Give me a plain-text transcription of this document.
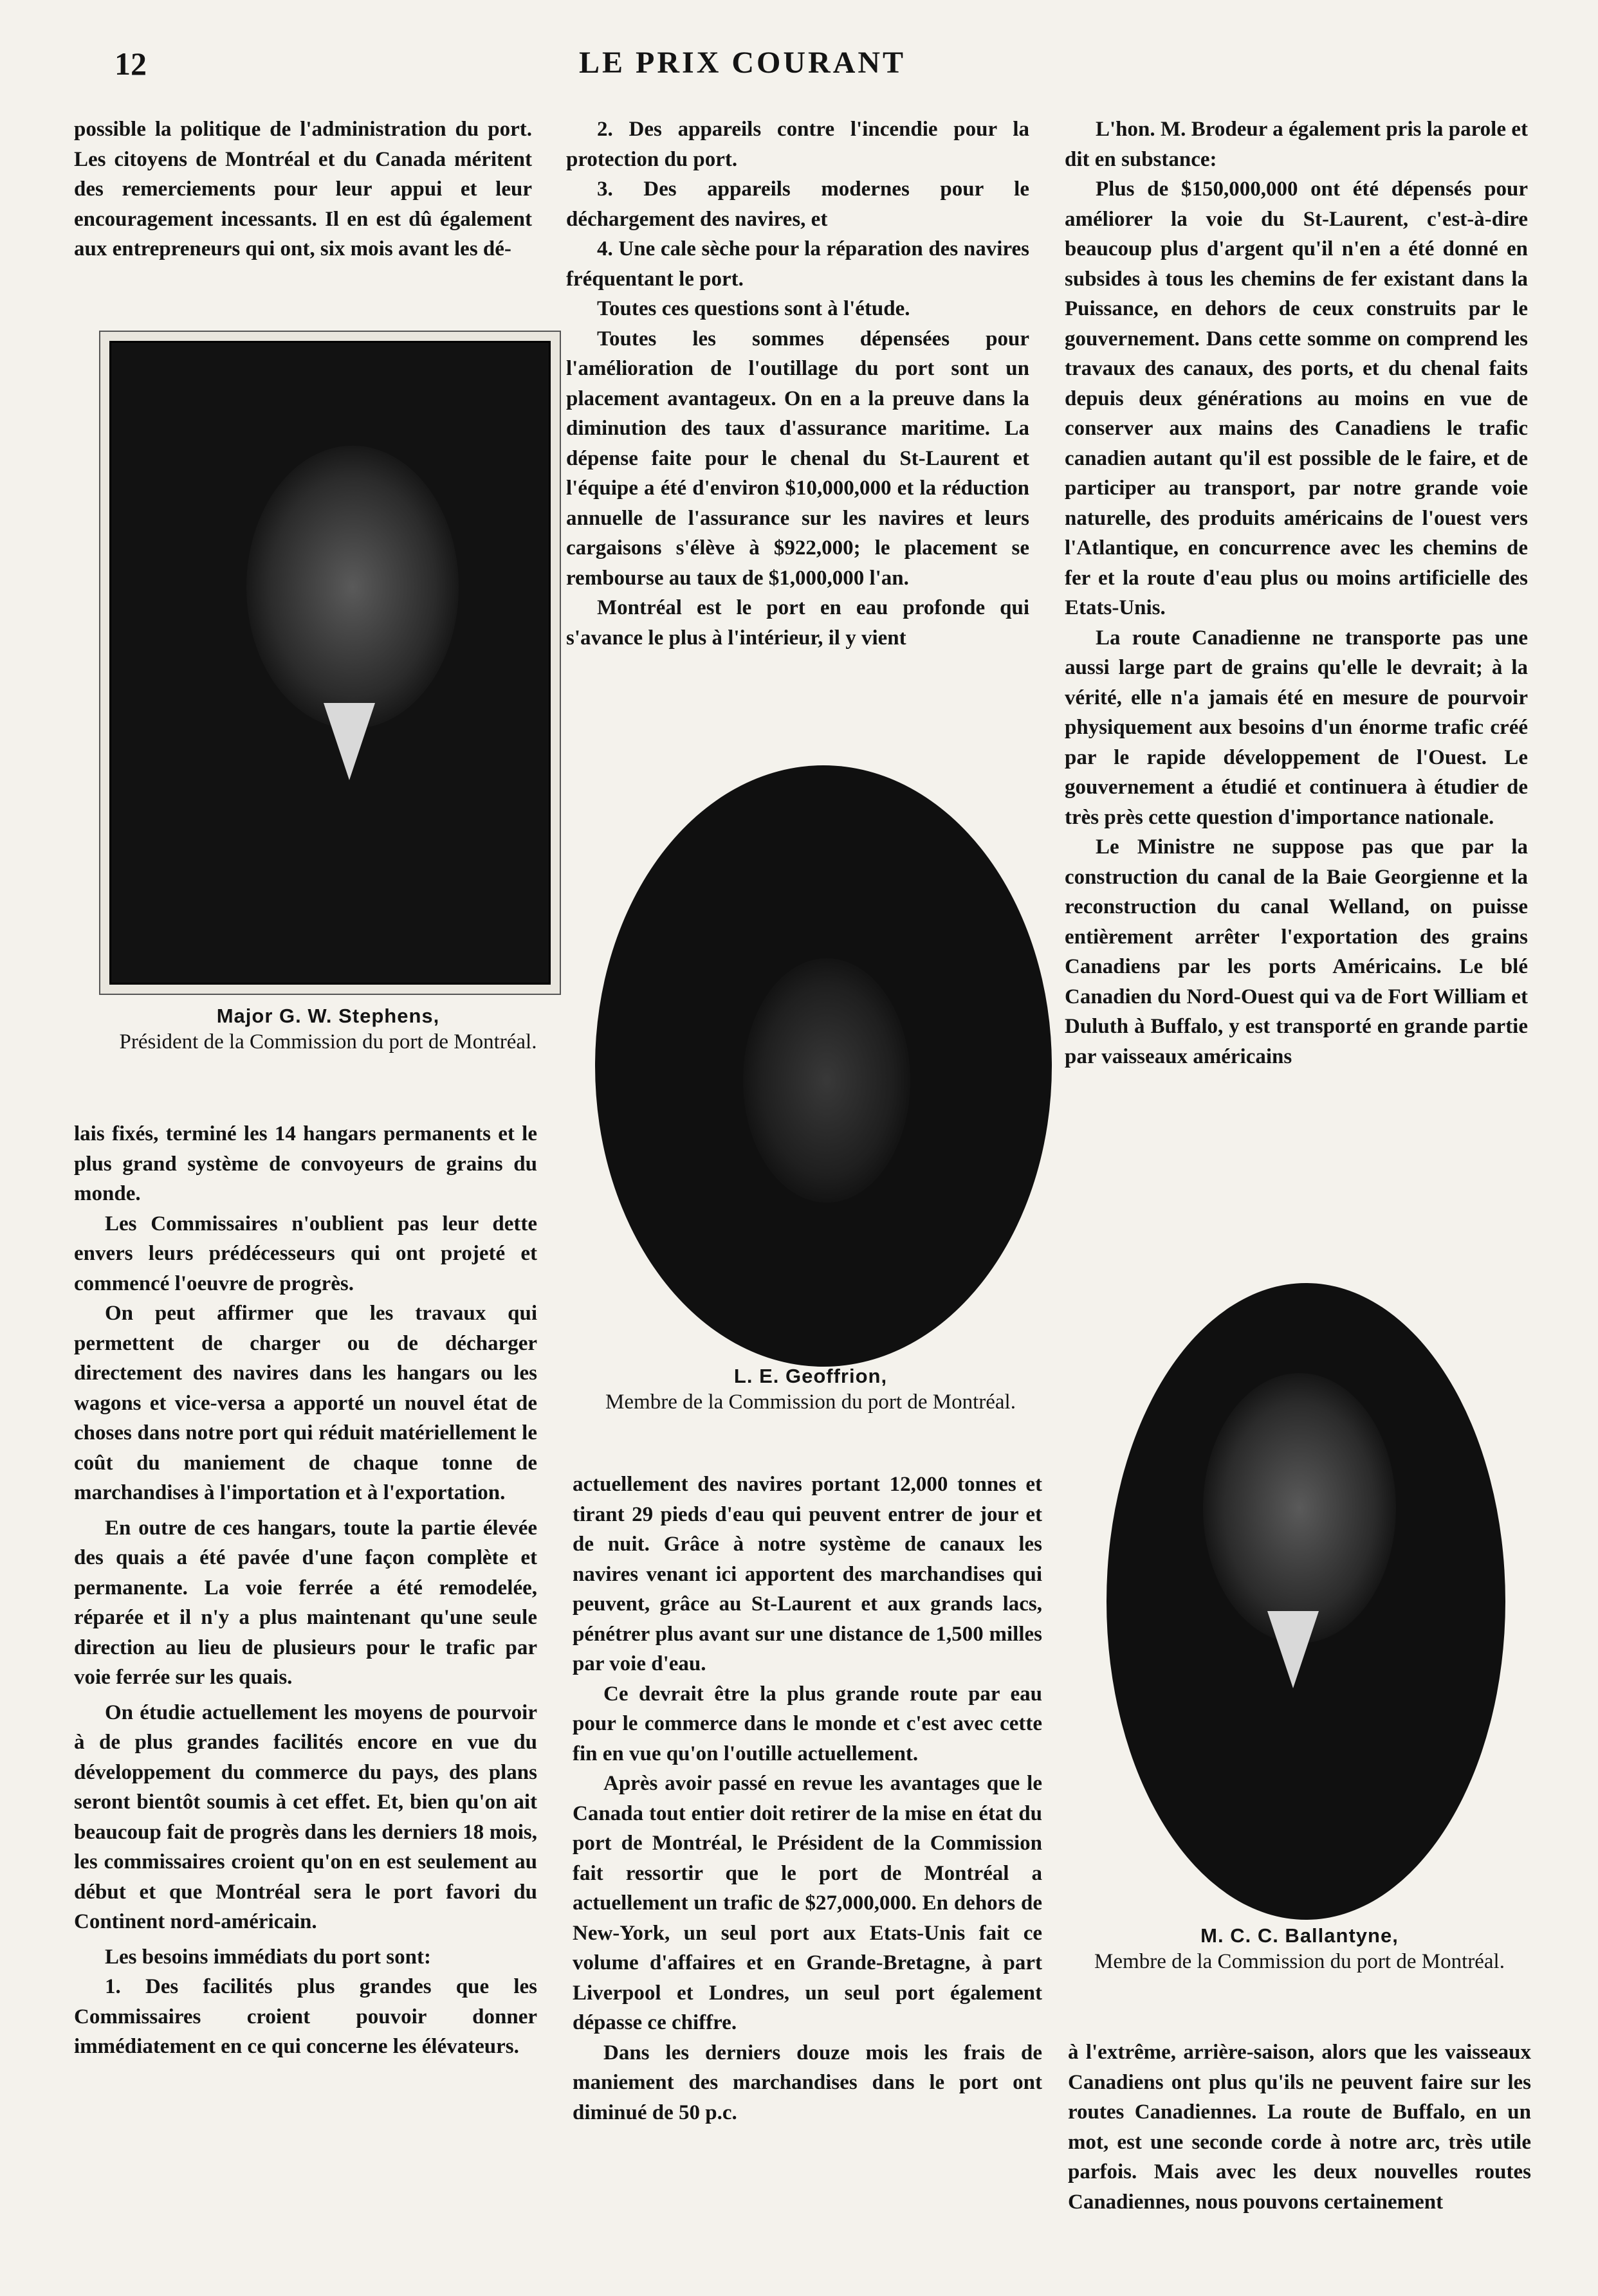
12	LE PRIX COURANT

possible la politique de l'administration du port. Les citoyens de Montréal et du Canada méritent des remerciements pour leur appui et leur encouragement incessants. Il en est dû également aux entrepreneurs qui ont, six mois avant les dé-

Major G. W. Stephens,
Président de la Commission du port de Montréal.

lais fixés, terminé les 14 hangars permanents et le plus grand système de convoyeurs de grains du monde.

Les Commissaires n'oublient pas leur dette envers leurs prédécesseurs qui ont projeté et commencé l'oeuvre de progrès.

On peut affirmer que les travaux qui permettent de charger ou de décharger directement des navires dans les hangars ou les wagons et vice-versa a apporté un nouvel état de choses dans notre port qui réduit matériellement le coût du maniement de chaque tonne de marchandises à l'importation et à l'exportation.

En outre de ces hangars, toute la partie élevée des quais a été pavée d'une façon complète et permanente. La voie ferrée a été remodelée, réparée et il n'y a plus maintenant qu'une seule direction au lieu de plusieurs pour le trafic par voie ferrée sur les quais.

On étudie actuellement les moyens de pourvoir à de plus grandes facilités encore en vue du développement du commerce du pays, des plans seront bientôt soumis à cet effet. Et, bien qu'on ait beaucoup fait de progrès dans les derniers 18 mois, les commissaires croient qu'on en est seulement au début et que Montréal sera le port favori du Continent nord-américain.

Les besoins immédiats du port sont:

1. Des facilités plus grandes que les Commissaires croient pouvoir donner immédiatement en ce qui concerne les élévateurs.

2. Des appareils contre l'incendie pour la protection du port.

3. Des appareils modernes pour le déchargement des navires, et

4. Une cale sèche pour la réparation des navires fréquentant le port.

Toutes ces questions sont à l'étude.

Toutes les sommes dépensées pour l'amélioration de l'outillage du port sont un placement avantageux. On en a la preuve dans la diminution des taux d'assurance maritime. La dépense faite pour le chenal du St-Laurent et l'équipe a été d'environ $10,000,000 et la réduction annuelle de l'assurance sur les navires et leurs cargaisons s'élève à $922,000; le placement se rembourse au taux de $1,000,000 l'an.

Montréal est le port en eau profonde qui s'avance le plus à l'intérieur, il y vient

L. E. Geoffrion,
Membre de la Commission du port de Montréal.

actuellement des navires portant 12,000 tonnes et tirant 29 pieds d'eau qui peuvent entrer de jour et de nuit. Grâce à notre système de canaux les navires venant ici apportent des marchandises qui peuvent, grâce au St-Laurent et aux grands lacs, pénétrer plus avant sur une distance de 1,500 milles par voie d'eau.

Ce devrait être la plus grande route par eau pour le commerce dans le monde et c'est avec cette fin en vue qu'on l'outille actuellement.

Après avoir passé en revue les avantages que le Canada tout entier doit retirer de la mise en état du port de Montréal, le Président de la Commission fait ressortir que le port de Montréal a actuellement un trafic de $27,000,000. En dehors de New-York, un seul port aux Etats-Unis fait ce volume d'affaires et en Grande-Bretagne, à part Liverpool et Londres, un seul port également dépasse ce chiffre.

Dans les derniers douze mois les frais de maniement des marchandises dans le port ont diminué de 50 p.c.

L'hon. M. Brodeur a également pris la parole et dit en substance:

Plus de $150,000,000 ont été dépensés pour améliorer la voie du St-Laurent, c'est-à-dire beaucoup plus d'argent qu'il n'en a été donné en subsides à tous les chemins de fer existant dans la Puissance, en dehors de ceux construits par le gouvernement. Dans cette somme on comprend les travaux des canaux, des ports, et du chenal faits depuis deux générations au moins en vue de conserver aux mains des Canadiens le trafic canadien autant qu'il est possible de le faire, et de participer au transport, par notre grande voie naturelle, des produits américains de l'ouest vers l'Atlantique, en concurrence avec les chemins de fer et la route d'eau plus ou moins artificielle des Etats-Unis.

La route Canadienne ne transporte pas une aussi large part de grains qu'elle le devrait; à la vérité, elle n'a jamais été en mesure de pourvoir physiquement aux besoins d'un énorme trafic créé par le rapide développement de l'Ouest. Le gouvernement a étudié et continuera à étudier de très près cette question d'importance nationale.

Le Ministre ne suppose pas que par la construction du canal de la Baie Georgienne et la reconstruction du canal Welland, on puisse entièrement arrêter l'exportation des grains Canadiens par les ports Américains. Le blé Canadien du Nord-Ouest qui va de Fort William et Duluth à Buffalo, y est transporté en grande partie par vaisseaux américains

M. C. C. Ballantyne,
Membre de la Commission du port de Montréal.

à l'extrême, arrière-saison, alors que les vaisseaux Canadiens ont plus qu'ils ne peuvent faire sur les routes Canadiennes. La route de Buffalo, en un mot, est une seconde corde à notre arc, très utile parfois. Mais avec les deux nouvelles routes Canadiennes, nous pouvons certainement
